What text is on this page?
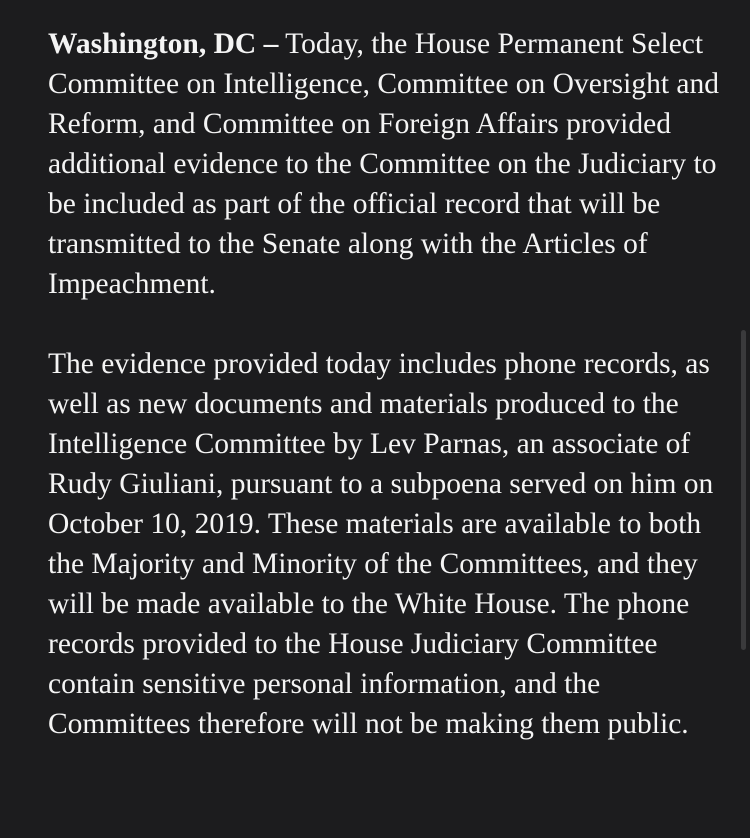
Washington, DC – Today, the House Permanent Select Committee on Intelligence, Committee on Oversight and Reform, and Committee on Foreign Affairs provided additional evidence to the Committee on the Judiciary to be included as part of the official record that will be transmitted to the Senate along with the Articles of Impeachment.

The evidence provided today includes phone records, as well as new documents and materials produced to the Intelligence Committee by Lev Parnas, an associate of Rudy Giuliani, pursuant to a subpoena served on him on October 10, 2019. These materials are available to both the Majority and Minority of the Committees, and they will be made available to the White House. The phone records provided to the House Judiciary Committee contain sensitive personal information, and the Committees therefore will not be making them public.
